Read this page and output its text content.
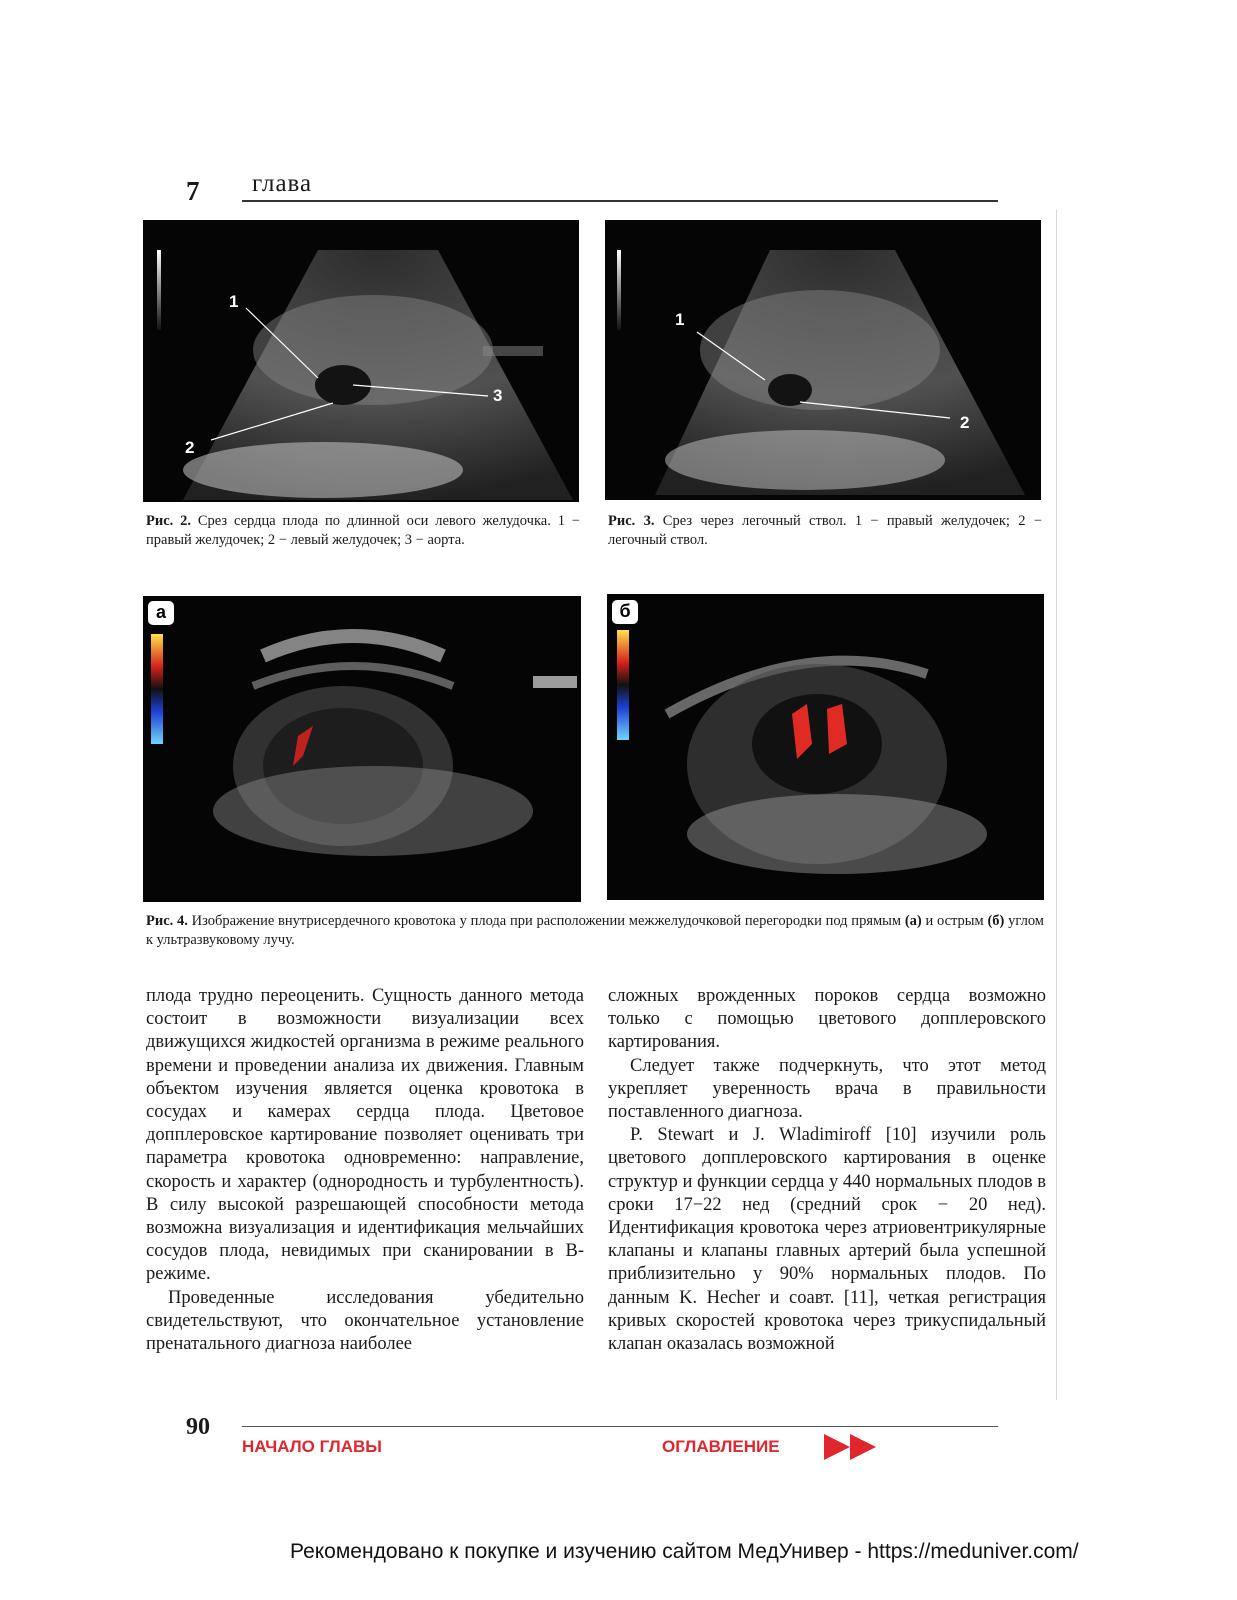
7 глава
1
2
3
1
2
Рис. 2. Срез сердца плода по длинной оси левого желудочка. 1 − правый желудочек; 2 − левый желудочек; 3 − аорта.
Рис. 3. Срез через легочный ствол. 1 − правый желудочек; 2 − легочный ствол.
а	б
Рис. 4. Изображение внутрисердечного кровотока у плода при расположении межжелудочковой перегородки под прямым (а) и острым (б) углом к ультразвуковому лучу.

плода трудно переоценить. Сущность данного метода состоит в возможности визуализации всех движущихся жидкостей организма в режиме реального времени и проведении анализа их движения. Главным объектом изучения является оценка кровотока в сосудах и камерах сердца плода. Цветовое допплеровское картирование позволяет оценивать три параметра кровотока одновременно: направление, скорость и характер (однородность и турбулентность). В силу высокой разрешающей способности метода возможна визуализация и идентификация мельчайших сосудов плода, невидимых при сканировании в В-режиме.

Проведенные исследования убедительно свидетельствуют, что окончательное установление пренатального диагноза наиболее

сложных врожденных пороков сердца возможно только с помощью цветового допплеровского картирования.

Следует также подчеркнуть, что этот метод укрепляет уверенность врача в правильности поставленного диагноза.

P. Stewart и J. Wladimiroff [10] изучили роль цветового допплеровского картирования в оценке структур и функции сердца у 440 нормальных плодов в сроки 17−22 нед (средний срок − 20 нед). Идентификация кровотока через атриовентрикулярные клапаны и клапаны главных артерий была успешной приблизительно у 90% нормальных плодов. По данным K. Hecher и соавт. [11], четкая регистрация кривых скоростей кровотока через трикуспидальный клапан оказалась возможной

90
НАЧАЛО ГЛАВЫ	ОГЛАВЛЕНИЕ
Рекомендовано к покупке и изучению сайтом МедУнивер - https://meduniver.com/
